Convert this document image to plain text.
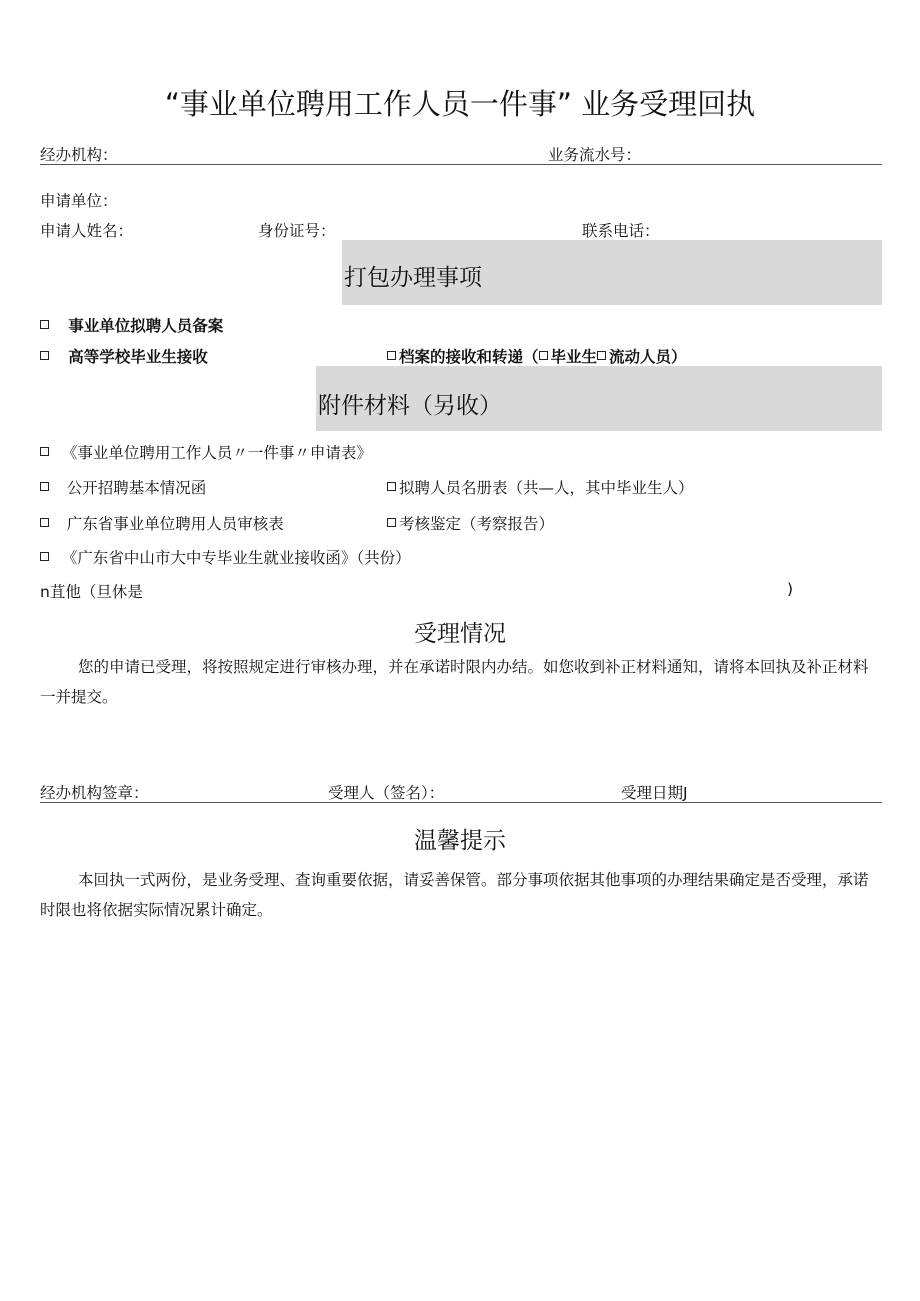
“事业单位聘用工作人员一件事” 业务受理回执
经办机构：	业务流水号：
申请单位：
申请人姓名：	身份证号：	联系电话：
打包办理事项
事业单位拟聘人员备案
高等学校毕业生接收	档案的接收和转递（ 毕业生 流动人员）
附件材料（另收）
《事业单位聘用工作人员〃一件事〃申请表》
公开招聘基本情况函	拟聘人员名册表（共—人，其中毕业生人）
广东省事业单位聘用人员审核表	考核鉴定（考察报告）
《广东省中山市大中专毕业生就业接收函》（共份）
n苴他（旦休是	)
受理情况
您的申请已受理，将按照规定进行审核办理，并在承诺时限内办结。如您收到补正材料通知，请将本回执及补正材料一并提交。
经办机构签章：	受理人（签名）：	受理日期J
温馨提示
本回执一式两份，是业务受理、查询重要依据，请妥善保管。部分事项依据其他事项的办理结果确定是否受理，承诺时限也将依据实际情况累计确定。
